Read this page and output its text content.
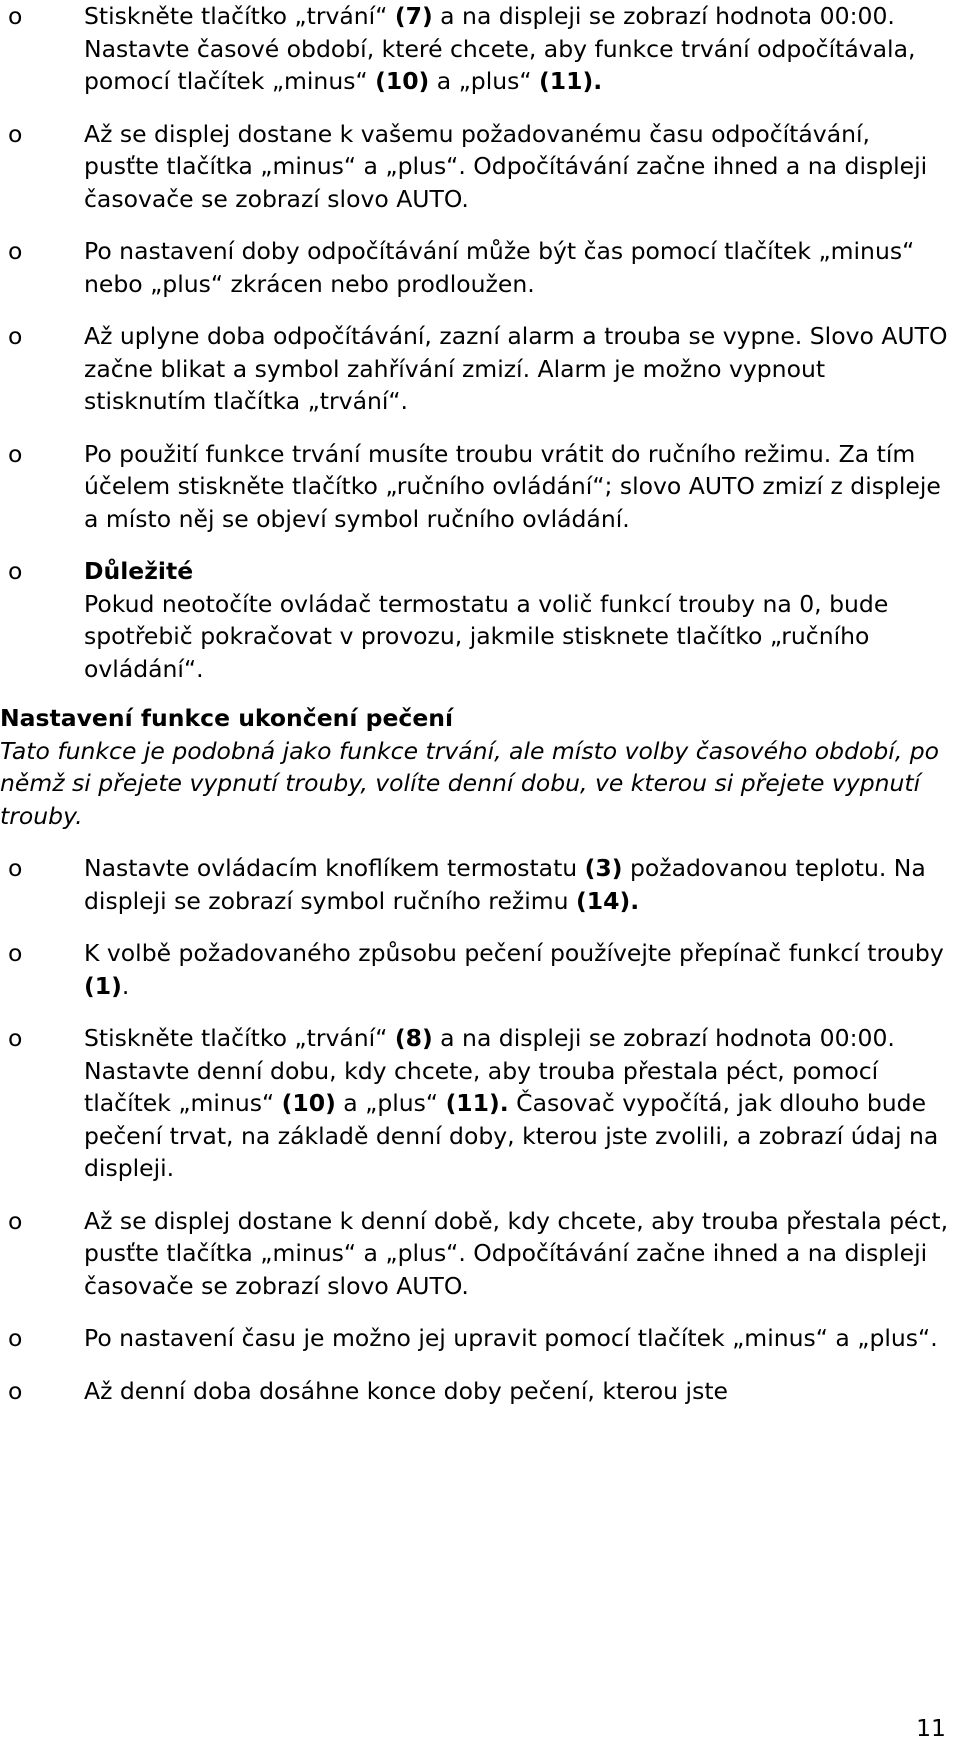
o	Stiskněte tlačítko „trvání“ (7) a na displeji se zobrazí hodnota 00:00. Nastavte časové období, které chcete, aby funkce trvání odpočítávala, pomocí tlačítek „minus“ (10) a „plus“ (11).
o	Až se displej dostane k vašemu požadovanému času odpočítávání, pusťte tlačítka „minus“ a „plus“. Odpočítávání začne ihned a na displeji časovače se zobrazí slovo AUTO.
o	Po nastavení doby odpočítávání může být čas pomocí tlačítek „minus“ nebo „plus“ zkrácen nebo prodloužen.
o	Až uplyne doba odpočítávání, zazní alarm a trouba se vypne. Slovo AUTO začne blikat a symbol zahřívání zmizí. Alarm je možno vypnout stisknutím tlačítka „trvání“.
o	Po použití funkce trvání musíte troubu vrátit do ručního režimu. Za tím účelem stiskněte tlačítko „ručního ovládání“; slovo AUTO zmizí z displeje a místo něj se objeví symbol ručního ovládání.
o	Důležité
Pokud neotočíte ovládač termostatu a volič funkcí trouby na 0, bude spotřebič pokračovat v provozu, jakmile stisknete tlačítko „ručního ovládání“.
Nastavení funkce ukončení pečení
Tato funkce je podobná jako funkce trvání, ale místo volby časového období, po němž si přejete vypnutí trouby, volíte denní dobu, ve kterou si přejete vypnutí trouby.
o	Nastavte ovládacím knoflíkem termostatu (3) požadovanou teplotu. Na displeji se zobrazí symbol ručního režimu (14).
o	K volbě požadovaného způsobu pečení používejte přepínač funkcí trouby (1).
o	Stiskněte tlačítko „trvání“ (8) a na displeji se zobrazí hodnota 00:00. Nastavte denní dobu, kdy chcete, aby trouba přestala péct, pomocí tlačítek „minus“ (10) a „plus“ (11). Časovač vypočítá, jak dlouho bude pečení trvat, na základě denní doby, kterou jste zvolili, a zobrazí údaj na displeji.
o	Až se displej dostane k denní době, kdy chcete, aby trouba přestala péct, pusťte tlačítka „minus“ a „plus“. Odpočítávání začne ihned a na displeji časovače se zobrazí slovo AUTO.
o	Po nastavení času je možno jej upravit pomocí tlačítek „minus“ a „plus“.
o	Až denní doba dosáhne konce doby pečení, kterou jste
11
